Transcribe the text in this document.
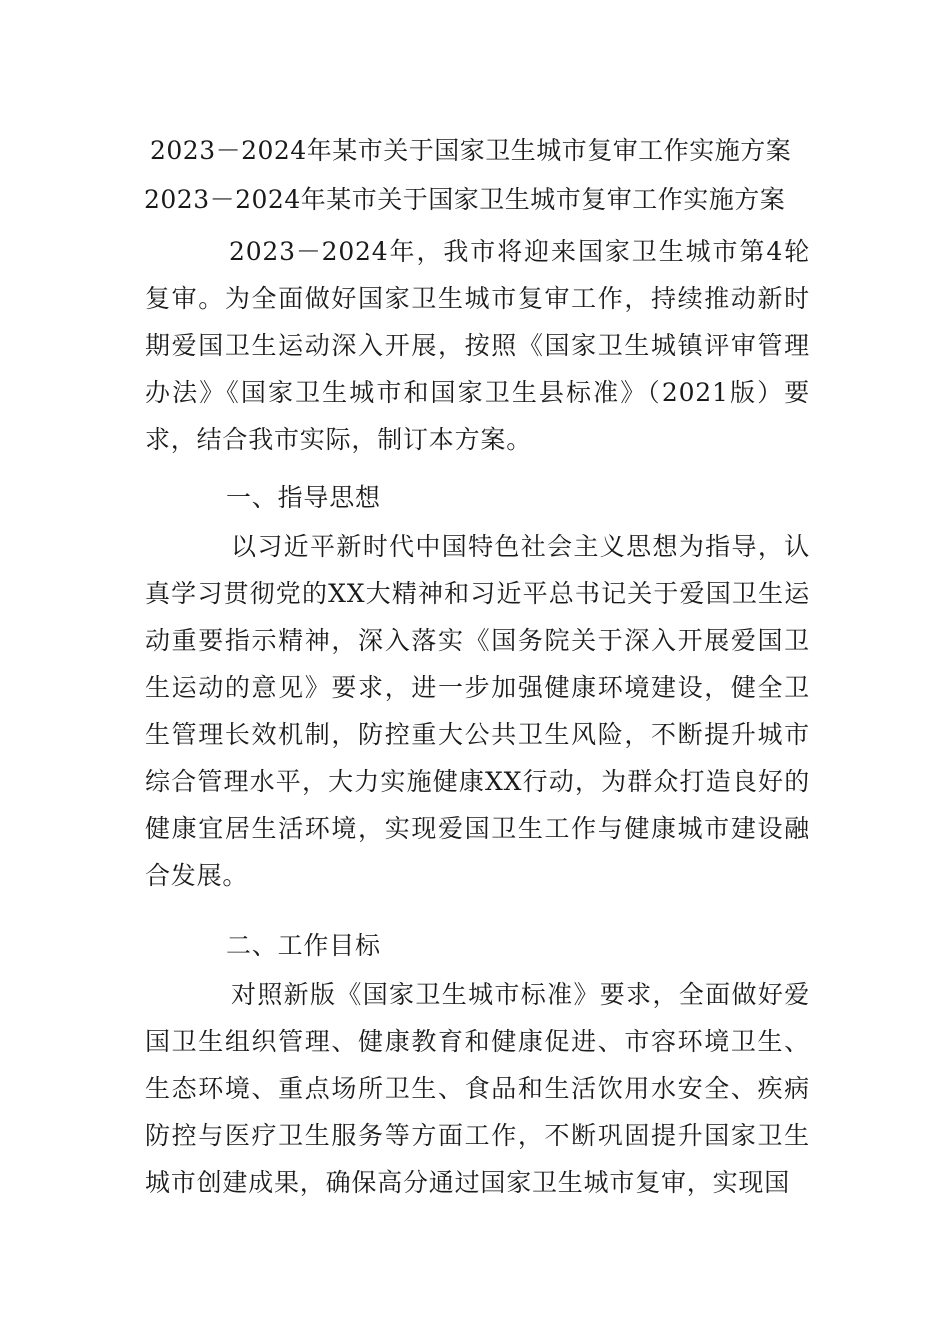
2023－2024年某市关于国家卫生城市复审工作实施方案
2023－2024年某市关于国家卫生城市复审工作实施方案
2023－2024年，我市将迎来国家卫生城市第4轮复审。为全面做好国家卫生城市复审工作，持续推动新时期爱国卫生运动深入开展，按照《国家卫生城镇评审管理办法》《国家卫生城市和国家卫生县标准》（2021版）要求，结合我市实际，制订本方案。
一、指导思想
以习近平新时代中国特色社会主义思想为指导，认真学习贯彻党的XX大精神和习近平总书记关于爱国卫生运动重要指示精神，深入落实《国务院关于深入开展爱国卫生运动的意见》要求，进一步加强健康环境建设，健全卫生管理长效机制，防控重大公共卫生风险，不断提升城市综合管理水平，大力实施健康XX行动，为群众打造良好的健康宜居生活环境，实现爱国卫生工作与健康城市建设融合发展。
二、工作目标
对照新版《国家卫生城市标准》要求，全面做好爱国卫生组织管理、健康教育和健康促进、市容环境卫生、生态环境、重点场所卫生、食品和生活饮用水安全、疾病防控与医疗卫生服务等方面工作，不断巩固提升国家卫生城市创建成果，确保高分通过国家卫生城市复审，实现国
